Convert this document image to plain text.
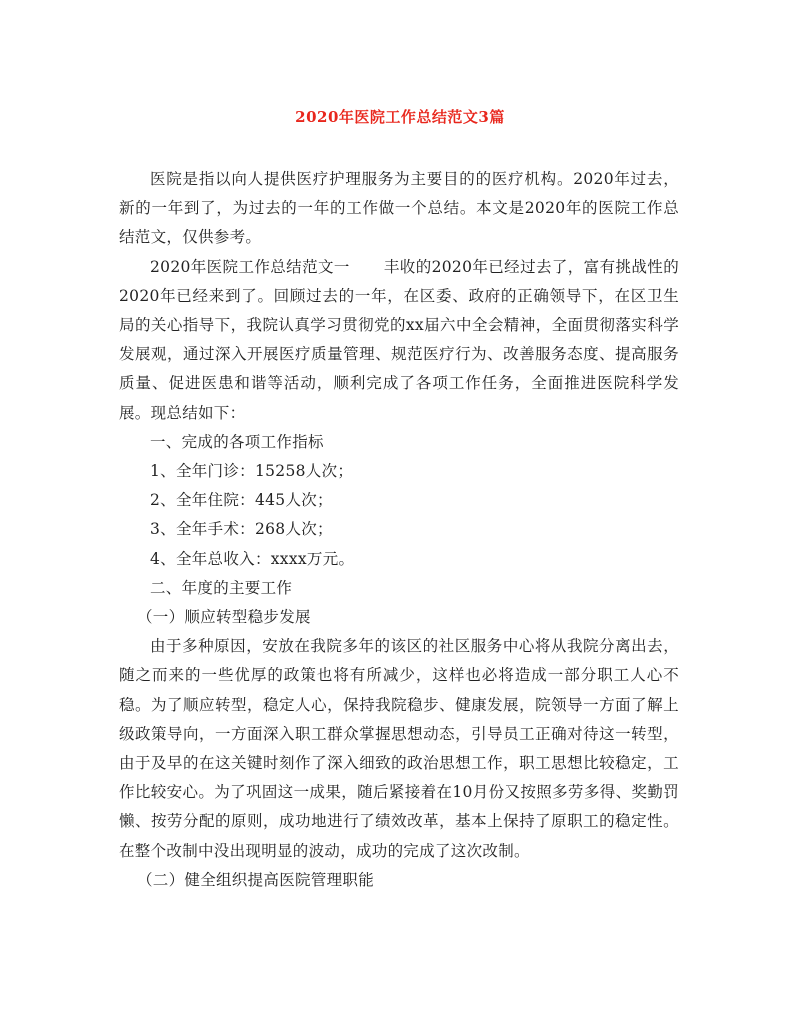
2020年医院工作总结范文3篇

医院是指以向人提供医疗护理服务为主要目的的医疗机构。2020年过去，新的一年到了，为过去的一年的工作做一个总结。本文是2020年的医院工作总结范文，仅供参考。

2020年医院工作总结范文一 丰收的2020年已经过去了，富有挑战性的2020年已经来到了。回顾过去的一年，在区委、政府的正确领导下，在区卫生局的关心指导下，我院认真学习贯彻党的xx届六中全会精神，全面贯彻落实科学发展观，通过深入开展医疗质量管理、规范医疗行为、改善服务态度、提高服务质量、促进医患和谐等活动，顺利完成了各项工作任务，全面推进医院科学发展。现总结如下：

一、完成的各项工作指标

1、全年门诊：15258人次；

2、全年住院：445人次；

3、全年手术：268人次；

4、全年总收入：xxxx万元。

二、年度的主要工作

（一）顺应转型稳步发展

由于多种原因，安放在我院多年的该区的社区服务中心将从我院分离出去，随之而来的一些优厚的政策也将有所减少，这样也必将造成一部分职工人心不稳。为了顺应转型，稳定人心，保持我院稳步、健康发展，院领导一方面了解上级政策导向，一方面深入职工群众掌握思想动态，引导员工正确对待这一转型，由于及早的在这关键时刻作了深入细致的政治思想工作，职工思想比较稳定，工作比较安心。为了巩固这一成果，随后紧接着在10月份又按照多劳多得、奖勤罚懒、按劳分配的原则，成功地进行了绩效改革，基本上保持了原职工的稳定性。在整个改制中没出现明显的波动，成功的完成了这次改制。

（二）健全组织提高医院管理职能
